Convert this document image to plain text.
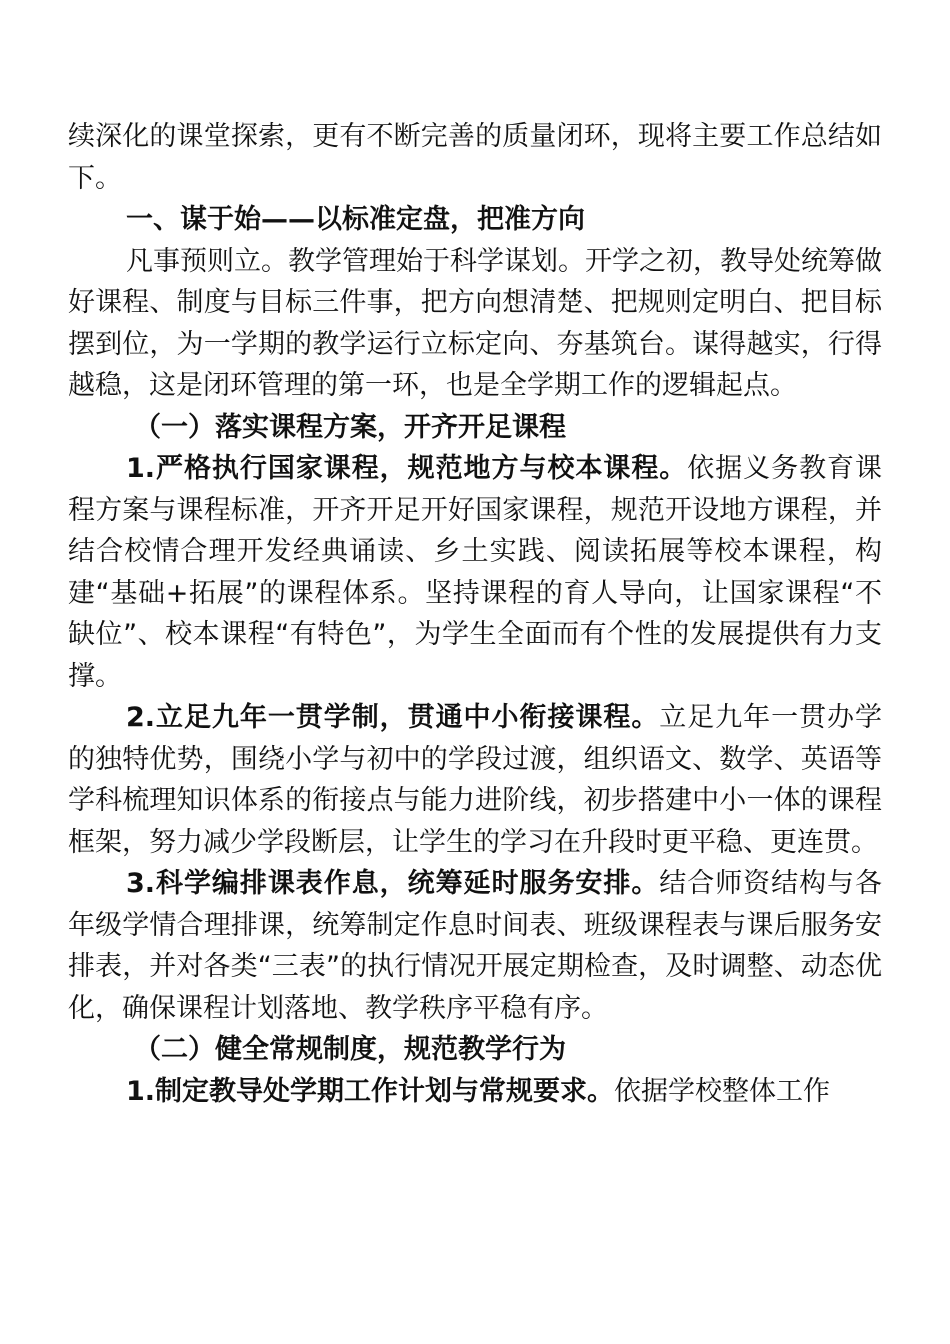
续深化的课堂探索，更有不断完善的质量闭环，现将主要工作总结如下。

一、谋于始——以标准定盘，把准方向

凡事预则立。教学管理始于科学谋划。开学之初，教导处统筹做好课程、制度与目标三件事，把方向想清楚、把规则定明白、把目标摆到位，为一学期的教学运行立标定向、夯基筑台。谋得越实，行得越稳，这是闭环管理的第一环，也是全学期工作的逻辑起点。

（一）落实课程方案，开齐开足课程

1.严格执行国家课程，规范地方与校本课程。依据义务教育课程方案与课程标准，开齐开足开好国家课程，规范开设地方课程，并结合校情合理开发经典诵读、乡土实践、阅读拓展等校本课程，构建“基础+拓展”的课程体系。坚持课程的育人导向，让国家课程“不缺位”、校本课程“有特色”，为学生全面而有个性的发展提供有力支撑。

2.立足九年一贯学制，贯通中小衔接课程。立足九年一贯办学的独特优势，围绕小学与初中的学段过渡，组织语文、数学、英语等学科梳理知识体系的衔接点与能力进阶线，初步搭建中小一体的课程框架，努力减少学段断层，让学生的学习在升段时更平稳、更连贯。

3.科学编排课表作息，统筹延时服务安排。结合师资结构与各年级学情合理排课，统筹制定作息时间表、班级课程表与课后服务安排表，并对各类“三表”的执行情况开展定期检查，及时调整、动态优化，确保课程计划落地、教学秩序平稳有序。

（二）健全常规制度，规范教学行为

1.制定教导处学期工作计划与常规要求。依据学校整体工作
